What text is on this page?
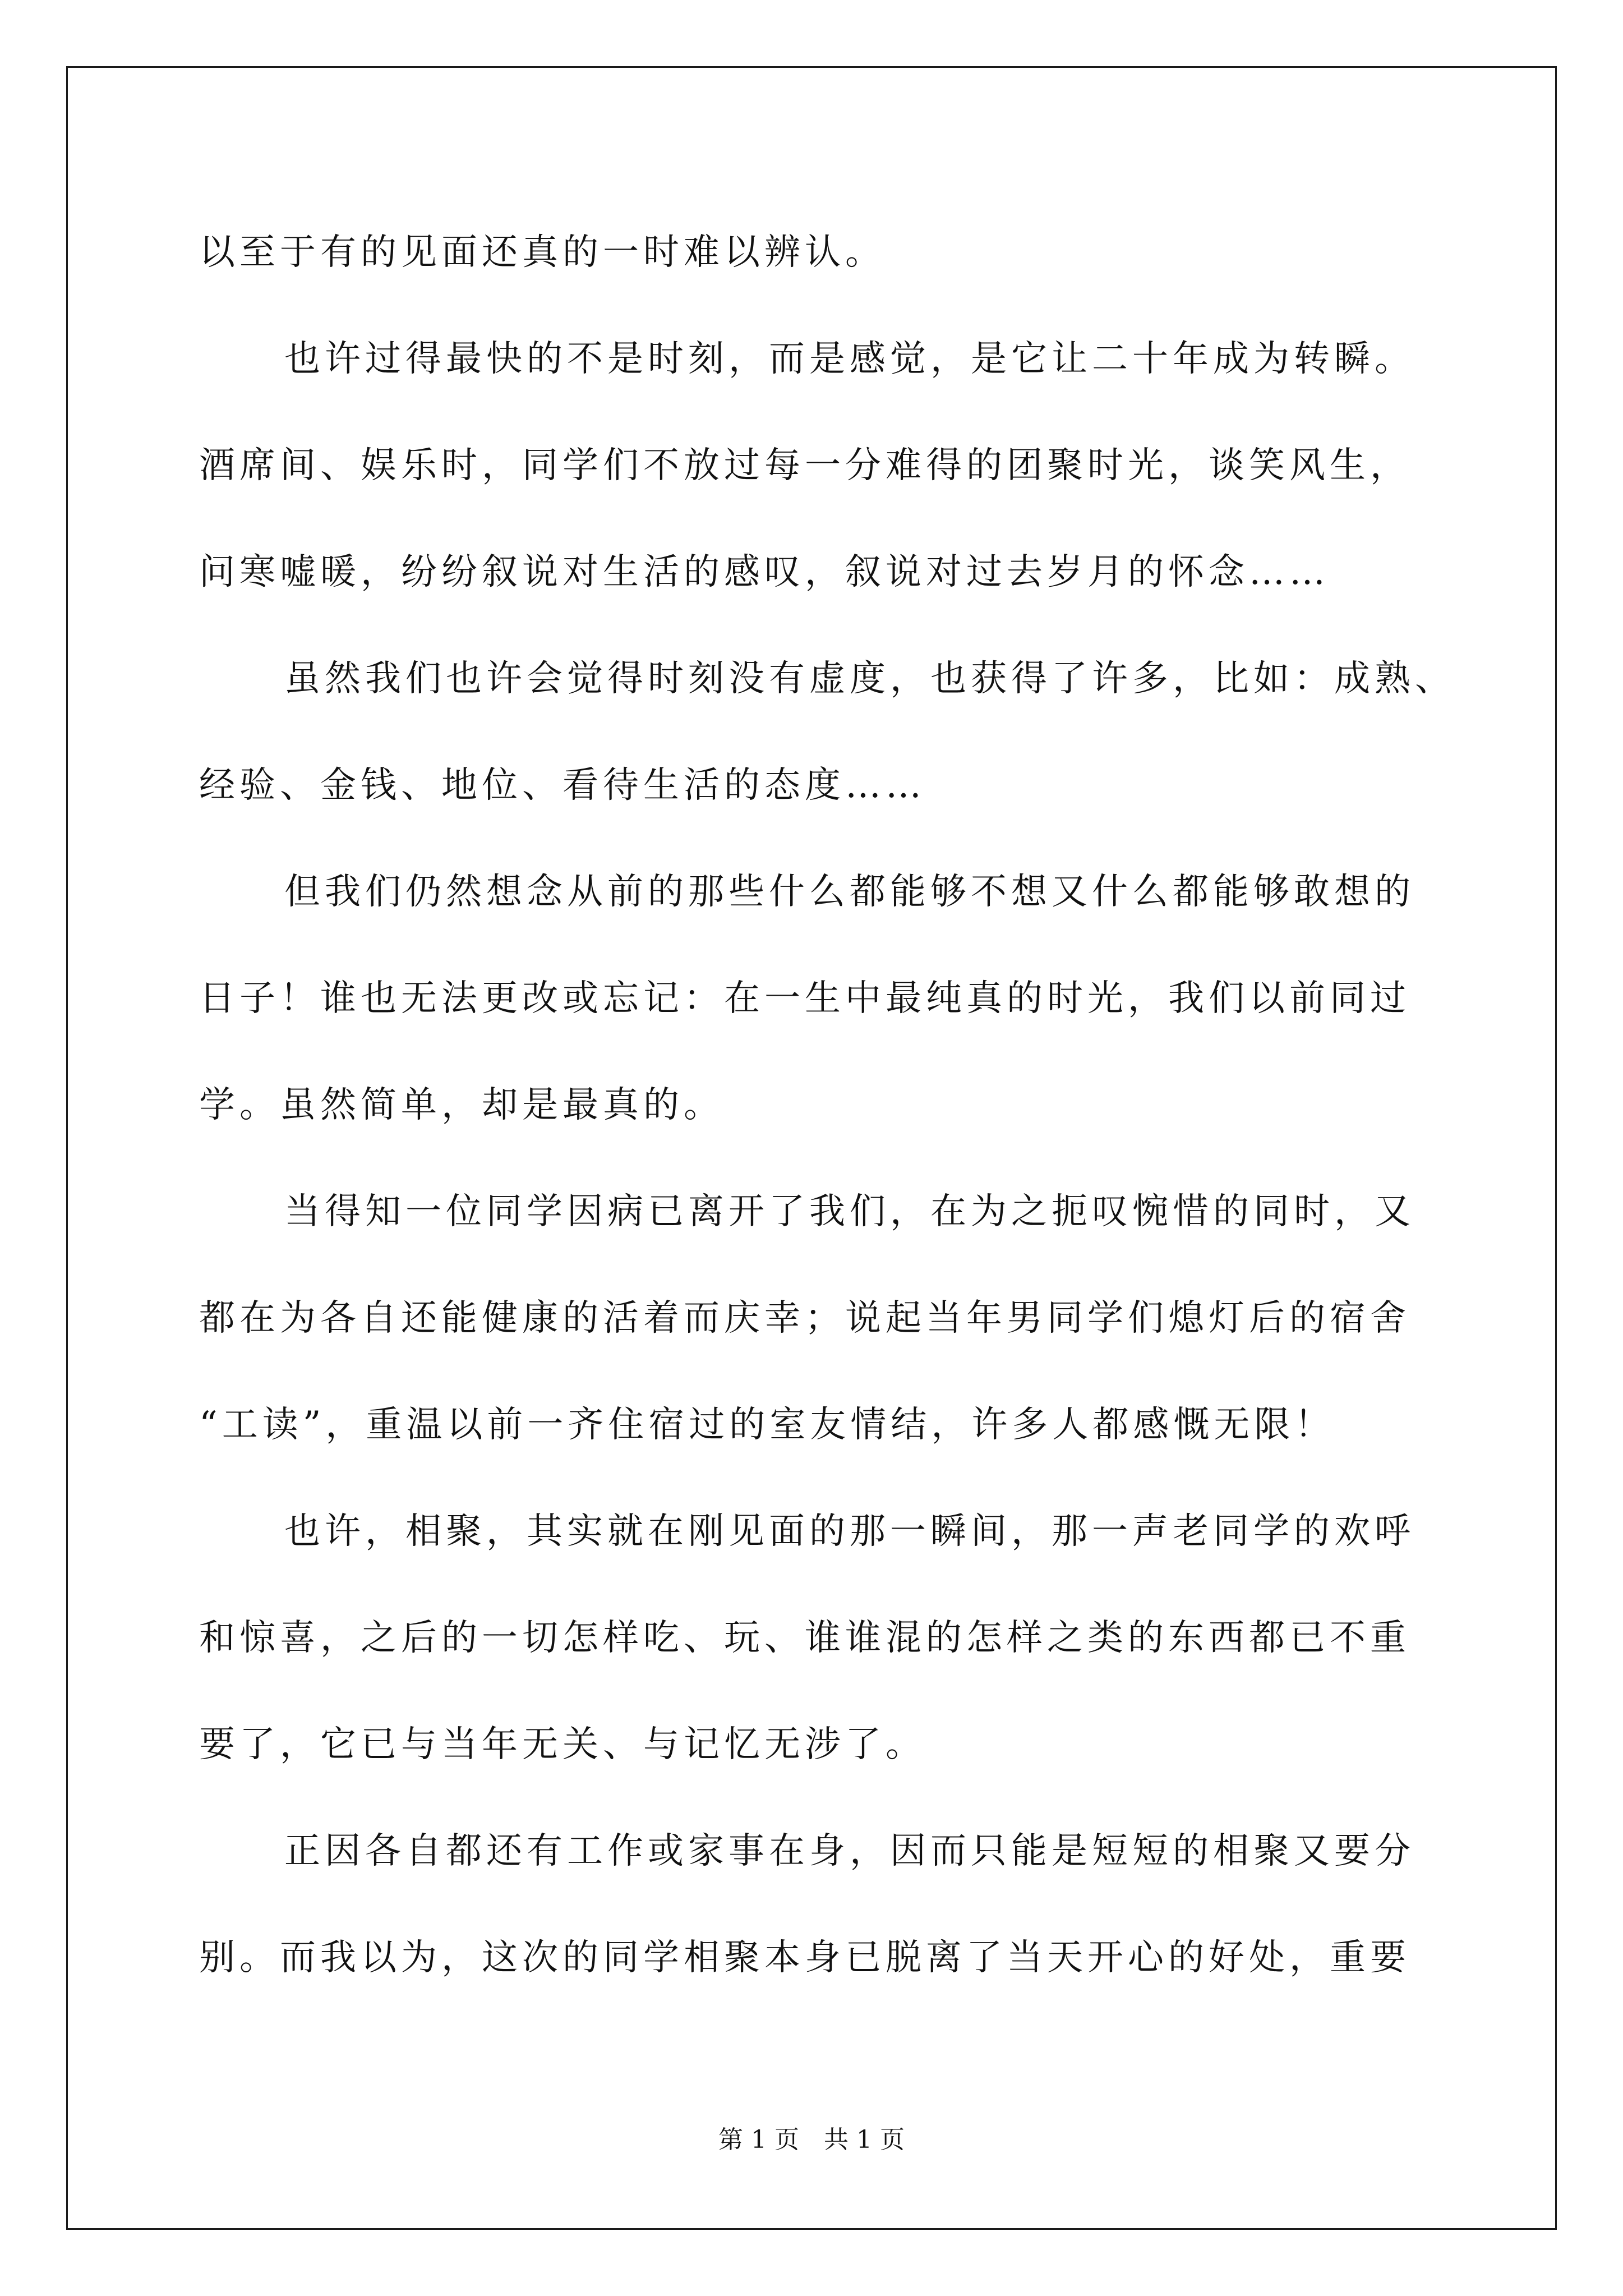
以至于有的见面还真的一时难以辨认。
也许过得最快的不是时刻，而是感觉，是它让二十年成为转瞬。
酒席间、娱乐时，同学们不放过每一分难得的团聚时光，谈笑风生，
问寒嘘暖，纷纷叙说对生活的感叹，叙说对过去岁月的怀念……
虽然我们也许会觉得时刻没有虚度，也获得了许多，比如：成熟、
经验、金钱、地位、看待生活的态度……
但我们仍然想念从前的那些什么都能够不想又什么都能够敢想的
日子！谁也无法更改或忘记：在一生中最纯真的时光，我们以前同过
学。虽然简单，却是最真的。
当得知一位同学因病已离开了我们，在为之扼叹惋惜的同时，又
都在为各自还能健康的活着而庆幸；说起当年男同学们熄灯后的宿舍
“工读”，重温以前一齐住宿过的室友情结，许多人都感慨无限！
也许，相聚，其实就在刚见面的那一瞬间，那一声老同学的欢呼
和惊喜，之后的一切怎样吃、玩、谁谁混的怎样之类的东西都已不重
要了，它已与当年无关、与记忆无涉了。
正因各自都还有工作或家事在身，因而只能是短短的相聚又要分
别。而我以为，这次的同学相聚本身已脱离了当天开心的好处，重要
第 1 页　共 1 页
